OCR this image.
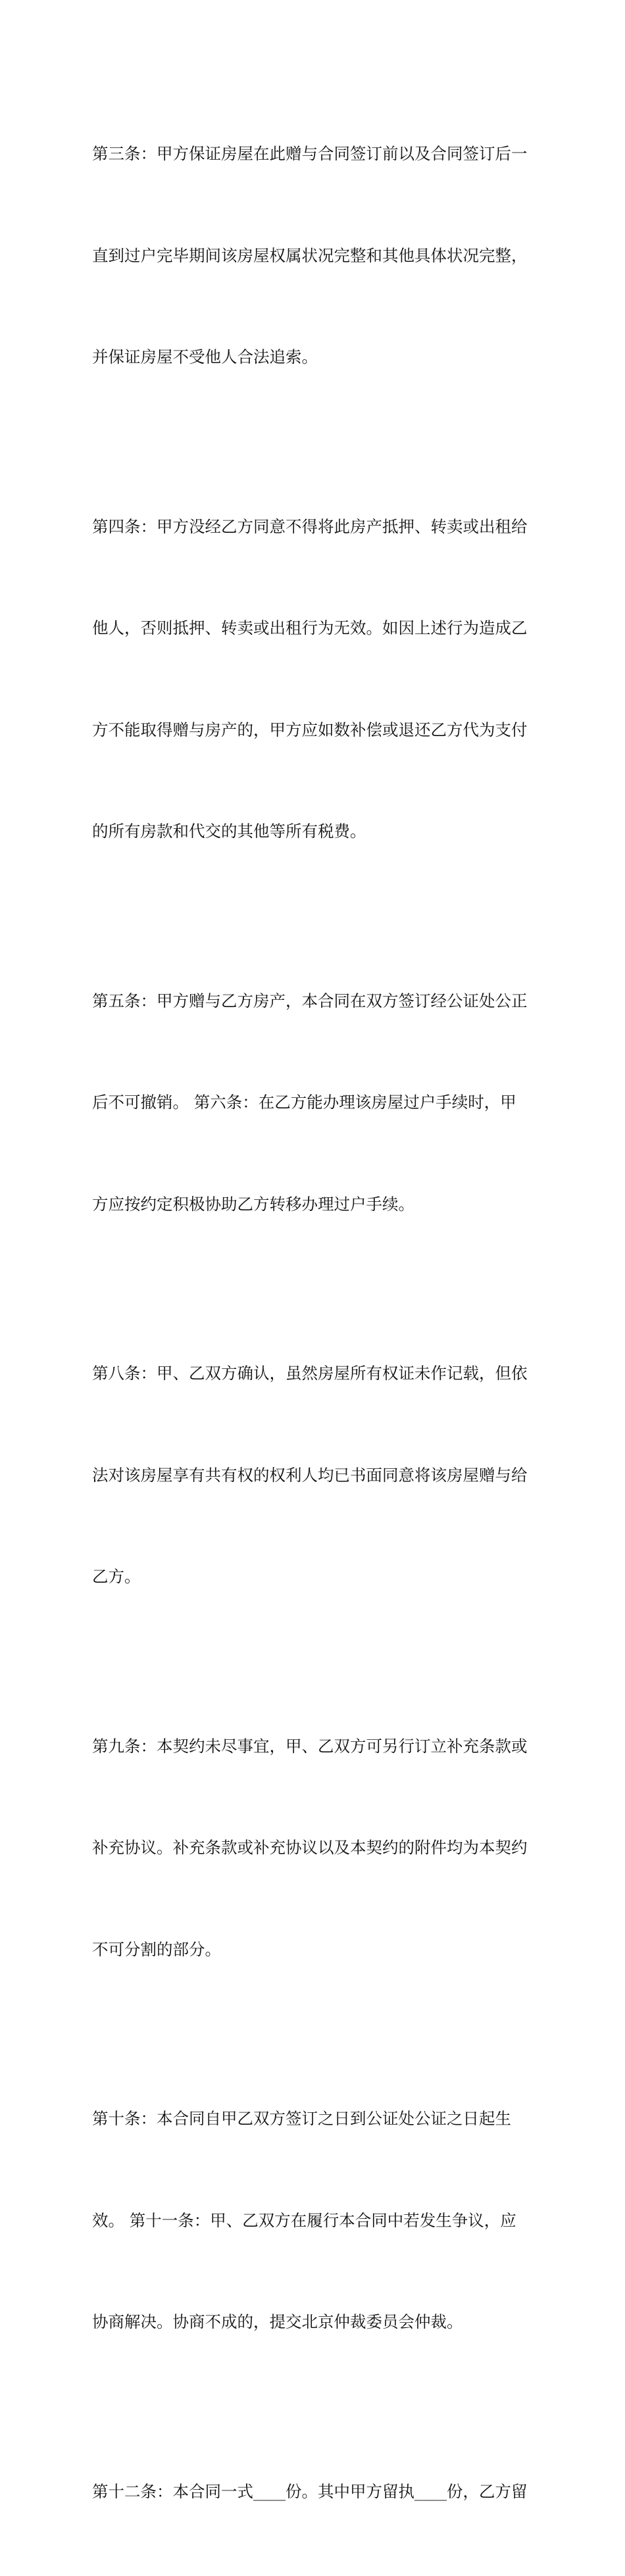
第三条：甲方保证房屋在此赠与合同签订前以及合同签订后一

直到过户完毕期间该房屋权属状况完整和其他具体状况完整，

并保证房屋不受他人合法追索。

第四条：甲方没经乙方同意不得将此房产抵押、转卖或出租给

他人，否则抵押、转卖或出租行为无效。如因上述行为造成乙

方不能取得赠与房产的，甲方应如数补偿或退还乙方代为支付

的所有房款和代交的其他等所有税费。

第五条：甲方赠与乙方房产，本合同在双方签订经公证处公正

后不可撤销。 第六条：在乙方能办理该房屋过户手续时，甲

方应按约定积极协助乙方转移办理过户手续。

第八条：甲、乙双方确认，虽然房屋所有权证未作记载，但依

法对该房屋享有共有权的权利人均已书面同意将该房屋赠与给

乙方。

第九条：本契约未尽事宜，甲、乙双方可另行订立补充条款或

补充协议。补充条款或补充协议以及本契约的附件均为本契约

不可分割的部分。

第十条：本合同自甲乙双方签订之日到公证处公证之日起生

效。 第十一条：甲、乙双方在履行本合同中若发生争议，应

协商解决。协商不成的，提交北京仲裁委员会仲裁。

第十二条：本合同一式____份。其中甲方留执____份，乙方留
